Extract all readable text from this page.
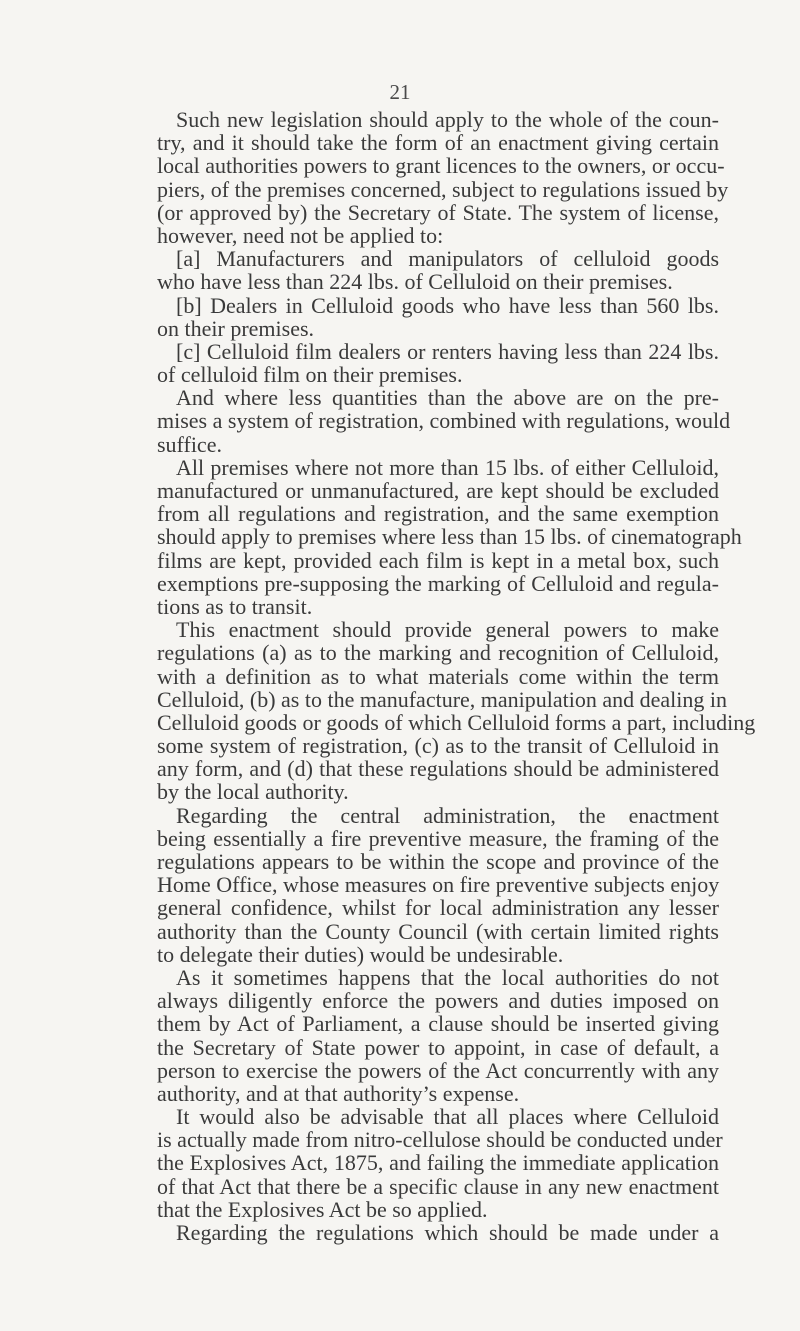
21
Such new legislation should apply to the whole of the coun-
try, and it should take the form of an enactment giving certain
local authorities powers to grant licences to the owners, or occu-
piers, of the premises concerned, subject to regulations issued by
(or approved by) the Secretary of State. The system of license,
however, need not be applied to:
[a] Manufacturers and manipulators of celluloid goods
who have less than 224 lbs. of Celluloid on their premises.
[b] Dealers in Celluloid goods who have less than 560 lbs.
on their premises.
[c] Celluloid film dealers or renters having less than 224 lbs.
of celluloid film on their premises.
And where less quantities than the above are on the pre-
mises a system of registration, combined with regulations, would
suffice.
All premises where not more than 15 lbs. of either Celluloid,
manufactured or unmanufactured, are kept should be excluded
from all regulations and registration, and the same exemption
should apply to premises where less than 15 lbs. of cinematograph
films are kept, provided each film is kept in a metal box, such
exemptions pre-supposing the marking of Celluloid and regula-
tions as to transit.
This enactment should provide general powers to make
regulations (a) as to the marking and recognition of Celluloid,
with a definition as to what materials come within the term
Celluloid, (b) as to the manufacture, manipulation and dealing in
Celluloid goods or goods of which Celluloid forms a part, including
some system of registration, (c) as to the transit of Celluloid in
any form, and (d) that these regulations should be administered
by the local authority.
Regarding the central administration, the enactment
being essentially a fire preventive measure, the framing of the
regulations appears to be within the scope and province of the
Home Office, whose measures on fire preventive subjects enjoy
general confidence, whilst for local administration any lesser
authority than the County Council (with certain limited rights
to delegate their duties) would be undesirable.
As it sometimes happens that the local authorities do not
always diligently enforce the powers and duties imposed on
them by Act of Parliament, a clause should be inserted giving
the Secretary of State power to appoint, in case of default, a
person to exercise the powers of the Act concurrently with any
authority, and at that authority’s expense.
It would also be advisable that all places where Celluloid
is actually made from nitro-cellulose should be conducted under
the Explosives Act, 1875, and failing the immediate application
of that Act that there be a specific clause in any new enactment
that the Explosives Act be so applied.
Regarding the regulations which should be made under a
